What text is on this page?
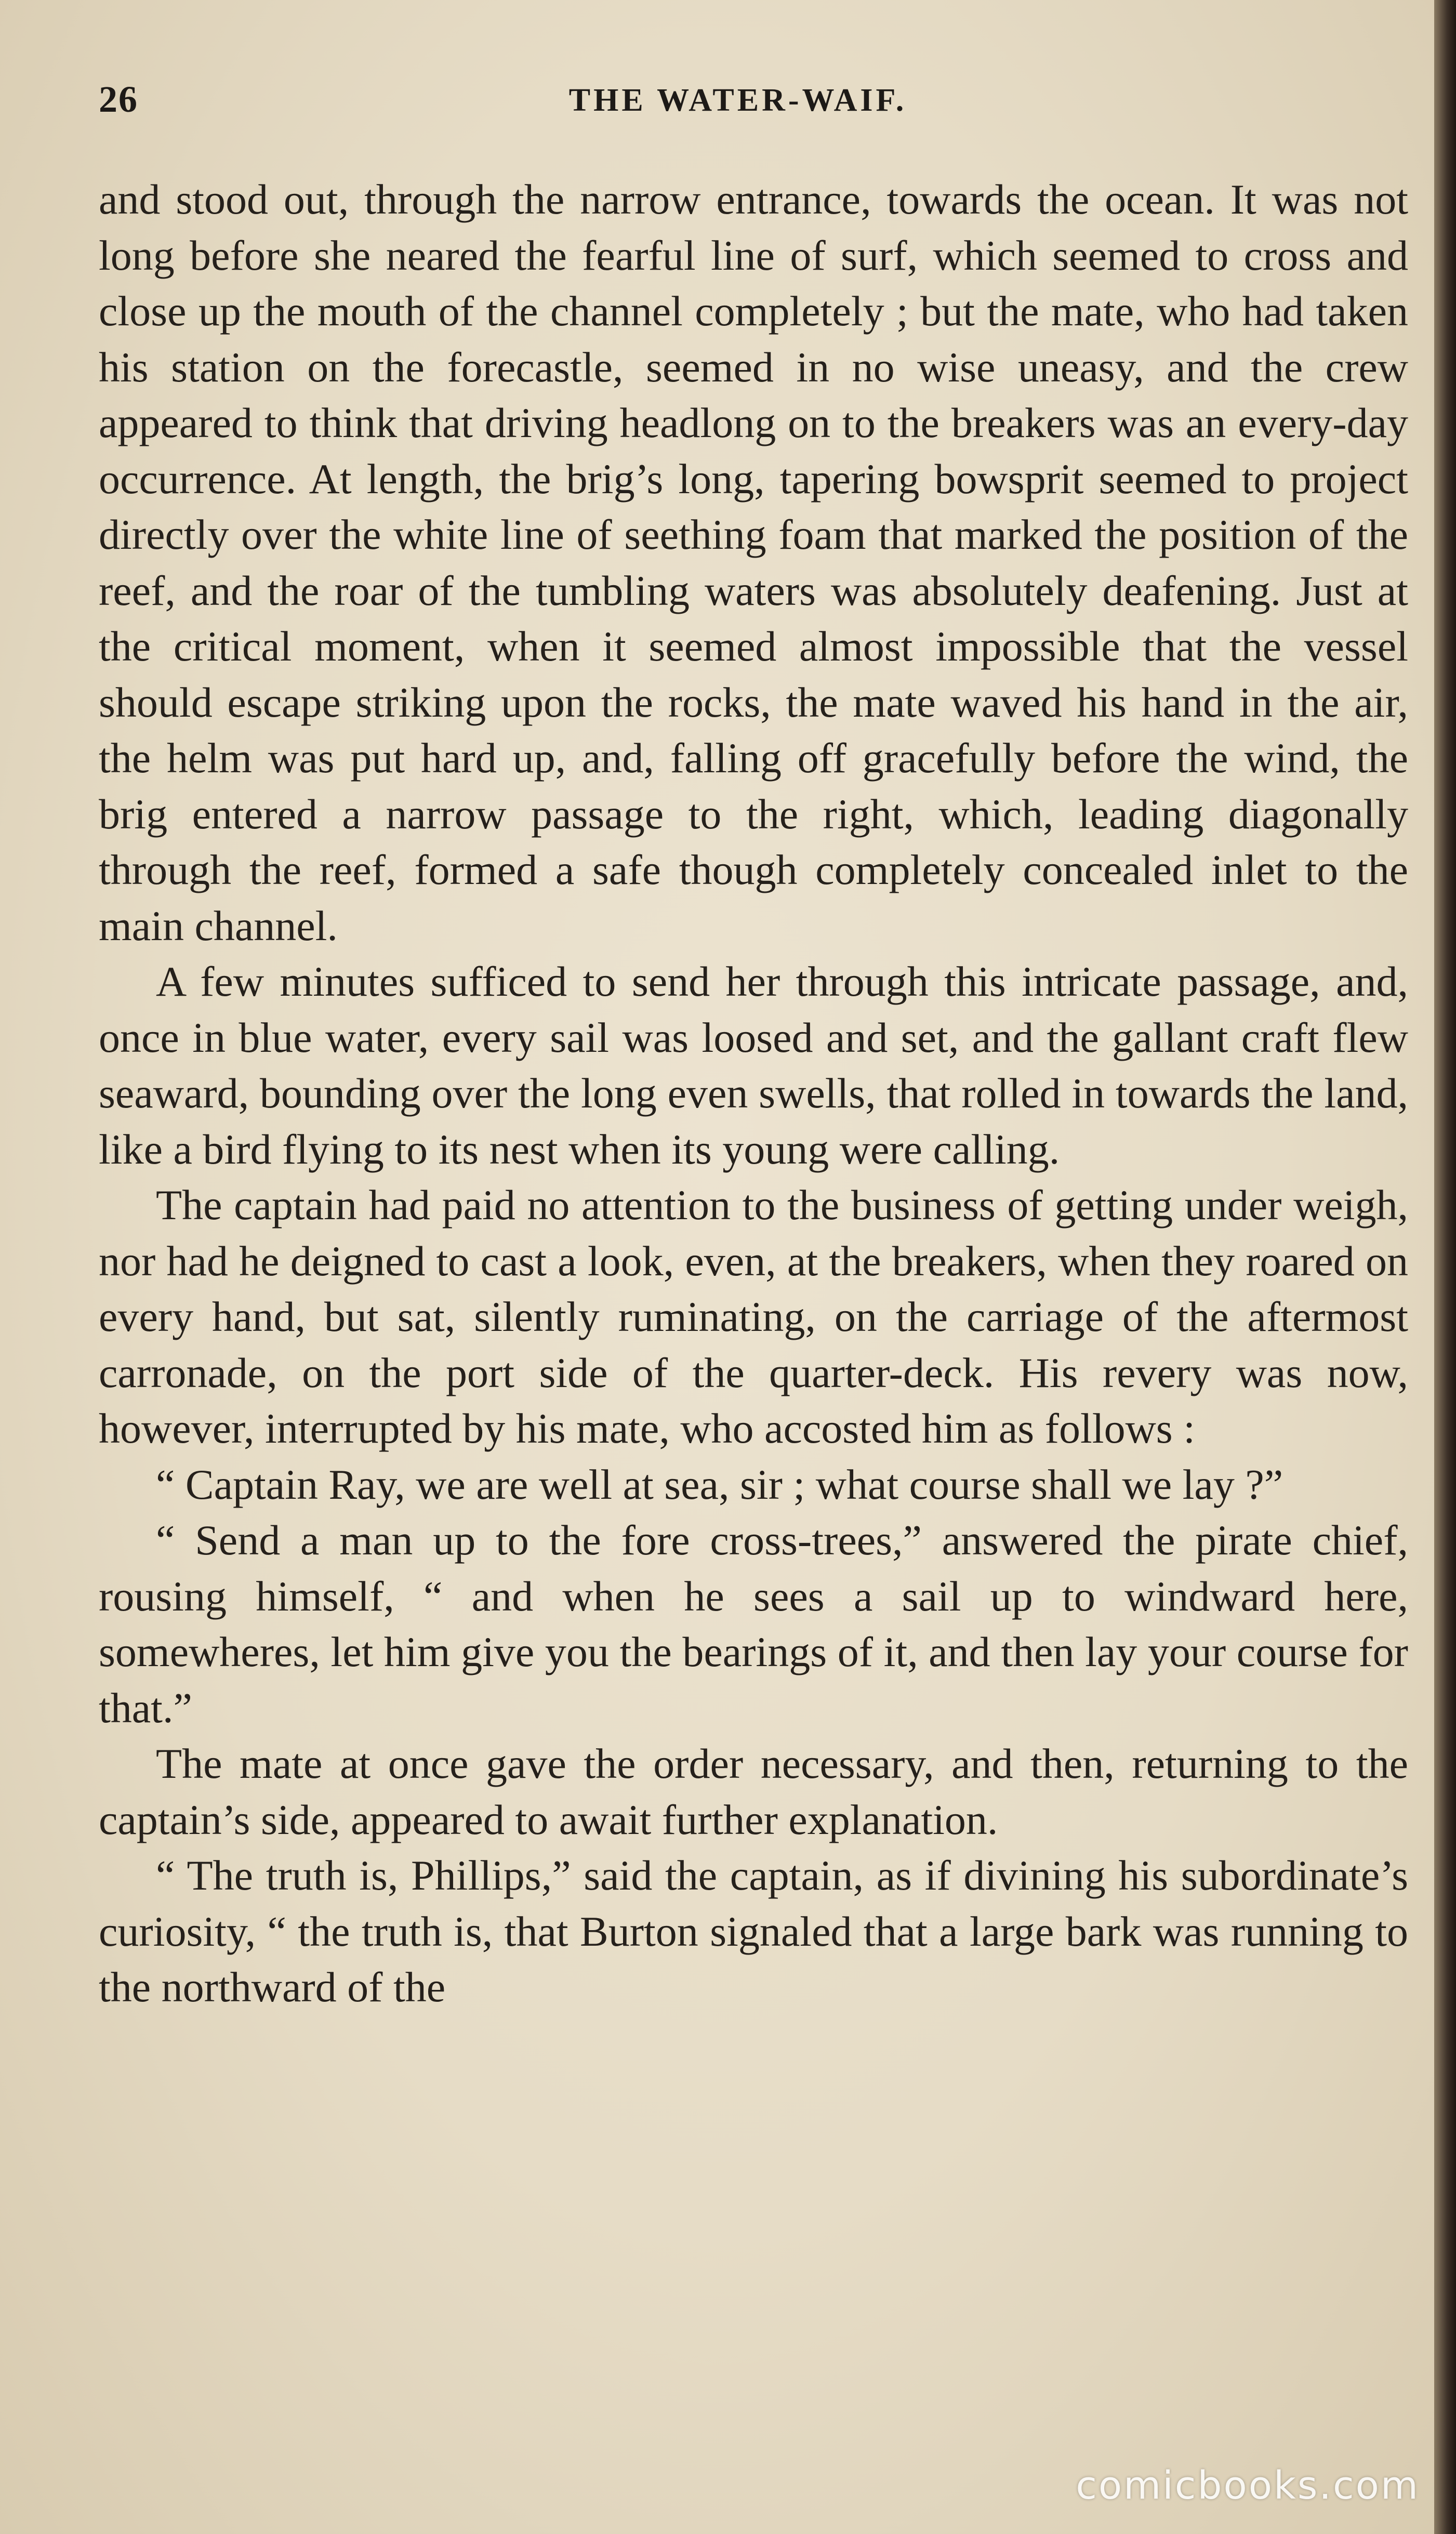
26	THE WATER-WAIF.

and stood out, through the narrow entrance, towards the ocean. It was not long before she neared the fearful line of surf, which seemed to cross and close up the mouth of the channel completely ; but the mate, who had taken his station on the forecastle, seemed in no wise uneasy, and the crew appeared to think that driving headlong on to the breakers was an every-day occurrence. At length, the brig’s long, tapering bowsprit seemed to project directly over the white line of seething foam that marked the position of the reef, and the roar of the tumbling waters was absolutely deafening. Just at the critical moment, when it seemed almost impossible that the vessel should escape striking upon the rocks, the mate waved his hand in the air, the helm was put hard up, and, falling off gracefully before the wind, the brig entered a narrow passage to the right, which, leading diagonally through the reef, formed a safe though completely concealed inlet to the main channel.

A few minutes sufficed to send her through this intricate passage, and, once in blue water, every sail was loosed and set, and the gallant craft flew seaward, bounding over the long even swells, that rolled in towards the land, like a bird flying to its nest when its young were calling.

The captain had paid no attention to the business of getting under weigh, nor had he deigned to cast a look, even, at the breakers, when they roared on every hand, but sat, silently ruminating, on the carriage of the aftermost carronade, on the port side of the quarter-deck. His revery was now, however, interrupted by his mate, who accosted him as follows :

“ Captain Ray, we are well at sea, sir ; what course shall we lay ?”

“ Send a man up to the fore cross-trees,” answered the pirate chief, rousing himself, “ and when he sees a sail up to windward here, somewheres, let him give you the bearings of it, and then lay your course for that.”

The mate at once gave the order necessary, and then, returning to the captain’s side, appeared to await further explanation.

“ The truth is, Phillips,” said the captain, as if divining his subordinate’s curiosity, “ the truth is, that Burton signaled that a large bark was running to the northward of the

comicbooks.com
